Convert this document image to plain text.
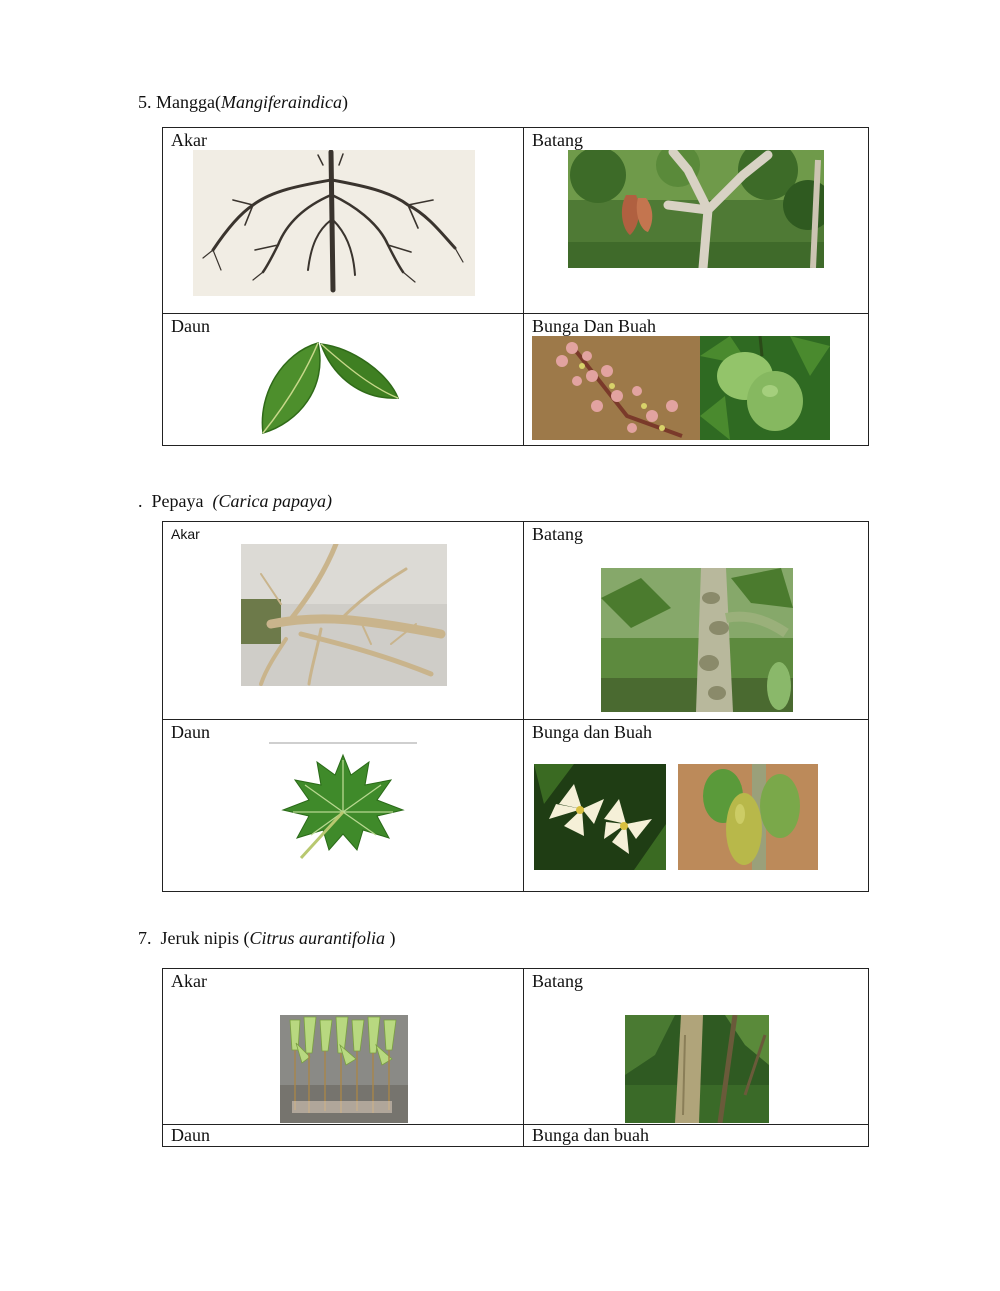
5. Mangga(Mangiferaindica)
Akar	Batang

Daun	Bunga Dan Buah
.  Pepaya  (Carica papaya)
Akar	Batang

Daun	Bunga dan Buah
7.  Jeruk nipis (Citrus aurantifolia )
Akar	Batang

Daun	Bunga dan buah
